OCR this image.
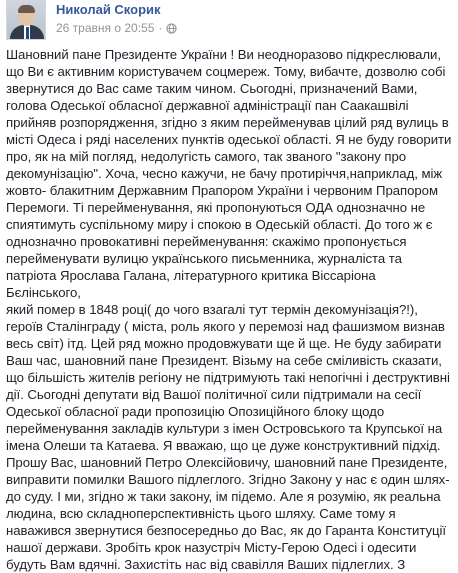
Николай Скорик
26 травня о 20:55 ·
Шановний пане Президенте України ! Ви неодноразово підкреслювали,
що Ви є активним користувачем соцмереж. Тому, вибачте, дозволю собі
звернутися до Вас саме таким чином. Сьогодні, призначений Вами,
голова Одеської обласної державної адміністрації пан Саакашвілі
прийняв розпорядження, згідно з яким перейменував цілий ряд вулиць в
місті Одеса і ряді населених пунктів одеської області. Я не буду говорити
про, як на мій погляд, недолугість самого, так званого "закону про
декомунізацію". Хоча, чесно кажучи, не бачу протиріччя,наприклад, між
жовто- блакитним Державним Прапором України і червоним Прапором
Перемоги. Ті перейменування, які пропонуються ОДА однозначно не
спиятимуть суспільному миру і спокою в Одеській області. До того ж є
однозначно провокативні перейменування: скажімо пропонується
перейменувати вулицю українського письменника, журналіста та
патріота Ярослава Галана, літературного критика Віссаріона Бєлінського,
який помер в 1848 році( до чого взагалі тут термін декомунізація?!),
героїв Сталінграду ( міста, роль якого у перемозі над фашизмом визнав
весь світ) ітд. Цей ряд можно продовжувати ще й ще. Не буду забирати
Ваш час, шановний пане Президент. Візьму на себе сміливість сказати,
що більшість жителів регіону не підтримують такі непогічні і деструктивні
дії. Сьогодні депутати від Вашої політичної сили підтримали на сесії
Одеської обласної ради пропозицію Опозиційного блоку щодо
перейменування закладів культури з імен Островського та Крупської на
імена Олеши та Катаева. Я вважаю, що це дуже конструктивний підхід.
Прошу Вас, шановний Петро Олексійовичу, шановний пане Президенте,
виправити помилки Вашого підлеглого. Згідно Закону у нас є один шлях-
до суду. І ми, згідно ж таки закону, ім підемо. Але я розумію, як реальна
людина, всю складноперспективність цього шляху. Саме тому я
наважився звернутися безпосередньо до Вас, як до Гаранта Конституції
нашої держави. Зробіть крок назустріч Місту-Герою Одесі і одесити
будуть Вам вдячні. Захистіть нас від свавілля Ваших підлеглих. З
